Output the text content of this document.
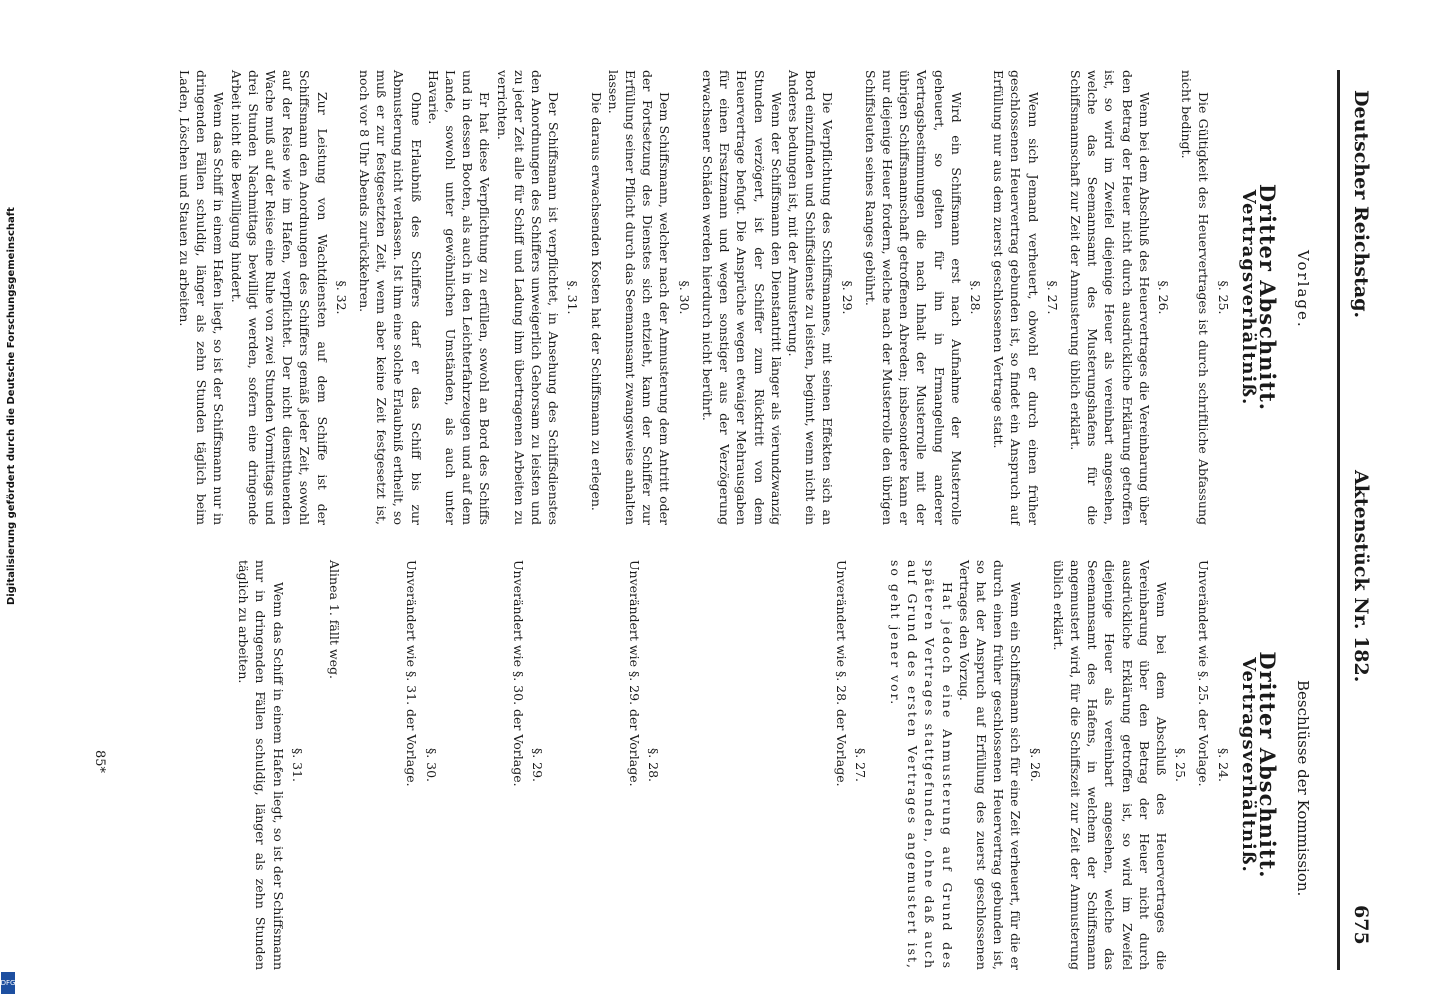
Deutscher Reichstag.
Aktenstück Nr. 182.
675
Vorlage.
Beschlüsse der Kommission.
Dritter Abschnitt.
Vertragsverhältniß.
§. 25.

Die Gültigkeit des Heuervertrages ist durch schriftliche Abfassung nicht bedingt.

§. 26.

Wenn bei dem Abschluß des Heuervertrages die Vereinbarung über den Betrag der Heuer nicht durch ausdrückliche Erklärung getroffen ist, so wird im Zweifel diejenige Heuer als vereinbart angesehen, welche das Seemannsamt des Musterungshafens für die Schiffsmannschaft zur Zeit der Anmusterung üblich erklärt.

§. 27.

Wenn sich Jemand verheuert, obwohl er durch einen früher geschlossenen Heuervertrag gebunden ist, so findet ein Anspruch auf Erfüllung nur aus dem zuerst geschlossenen Vertrage statt.

§. 28.

Wird ein Schiffsmann erst nach Aufnahme der Musterrolle geheuert, so gelten für ihn in Ermangelung anderer Vertragsbestimmungen die nach Inhalt der Musterrolle mit der übrigen Schiffsmannschaft getroffenen Abreden; insbesondere kann er nur diejenige Heuer fordern, welche nach der Musterrolle den übrigen Schiffsleuten seines Ranges gebührt.

§. 29.

Die Verpflichtung des Schiffsmannes, mit seinen Effekten sich an Bord einzufinden und Schiffsdienste zu leisten, beginnt, wenn nicht ein Anderes bedungen ist, mit der Anmusterung.

Wenn der Schiffsmann den Dienstantritt länger als vierundzwanzig Stunden verzögert, ist der Schiffer zum Rücktritt von dem Heuervertrage befugt. Die Ansprüche wegen etwaiger Mehrausgaben für einen Ersatzmann und wegen sonstiger aus der Verzögerung erwachsener Schäden werden hierdurch nicht berührt.

§. 30.

Dem Schiffsmann, welcher nach der Anmusterung dem Antritt oder der Fortsetzung des Dienstes sich entzieht, kann der Schiffer zur Erfüllung seiner Pflicht durch das Seemannsamt zwangsweise anhalten lassen.

Die daraus erwachsenden Kosten hat der Schiffsmann zu erlegen.

§. 31.

Der Schiffsmann ist verpflichtet, in Ansehung des Schiffsdienstes den Anordnungen des Schiffers unweigerlich Gehorsam zu leisten und zu jeder Zeit alle für Schiff und Ladung ihm übertragenen Arbeiten zu verrichten.

Er hat diese Verpflichtung zu erfüllen, sowohl an Bord des Schiffs und in dessen Booten, als auch in den Leichterfahrzeugen und auf dem Lande, sowohl unter gewöhnlichen Umständen, als auch unter Havarie.

Ohne Erlaubniß des Schiffers darf er das Schiff bis zur Abmusterung nicht verlassen. Ist ihm eine solche Erlaubniß ertheilt, so muß er zur festgesetzten Zeit, wenn aber keine Zeit festgesetzt ist, noch vor 8 Uhr Abends zurückkehren.

§. 32.

Zur Leistung von Wachtdiensten auf dem Schiffe ist der Schiffsmann den Anordnungen des Schiffers gemäß jeder Zeit, sowohl auf der Reise wie im Hafen, verpflichtet. Der nicht dienstthuenden Wache muß auf der Reise eine Ruhe von zwei Stunden Vormittags und drei Stunden Nachmittags bewilligt werden, sofern eine dringende Arbeit nicht die Bewilligung hindert.

Wenn das Schiff in einem Hafen liegt, so ist der Schiffsmann nur in dringenden Fällen schuldig, länger als zehn Stunden täglich beim Laden, Löschen und Stauen zu arbeiten.

Dritter Abschnitt.
Vertragsverhältniß.
§. 24.

Unverändert wie §. 25. der Vorlage.

§. 25.

Wenn bei dem Abschluß des Heuervertrages die Vereinbarung über den Betrag der Heuer nicht durch ausdrückliche Erklärung getroffen ist, so wird im Zweifel diejenige Heuer als vereinbart angesehen, welche das Seemannsamt des Hafens, in welchem der Schiffsmann angemustert wird, für die Schiffszeit zur Zeit der Anmusterung üblich erklärt.

§. 26.

Wenn ein Schiffsmann sich für eine Zeit verheuert, für die er durch einen früher geschlossenen Heuervertrag gebunden ist, so hat der Anspruch auf Erfüllung des zuerst geschlossenen Vertrages den Vorzug.

Hat jedoch eine Anmusterung auf Grund des späteren Vertrages stattgefunden, ohne daß auch auf Grund des ersten Vertrages angemustert ist, so geht jener vor.

§. 27.

Unverändert wie §. 28. der Vorlage.

§. 28.

Unverändert wie §. 29. der Vorlage.

§. 29.

Unverändert wie §. 30. der Vorlage.

§. 30.

Unverändert wie §. 31. der Vorlage.

Alinea 1. fällt weg.

§. 31.

Wenn das Schiff in einem Hafen liegt, so ist der Schiffsmann nur in dringenden Fällen schuldig, länger als zehn Stunden täglich zu arbeiten.

85*
Digitalisierung gefördert durch die Deutsche Forschungsgemeinschaft
DFG
